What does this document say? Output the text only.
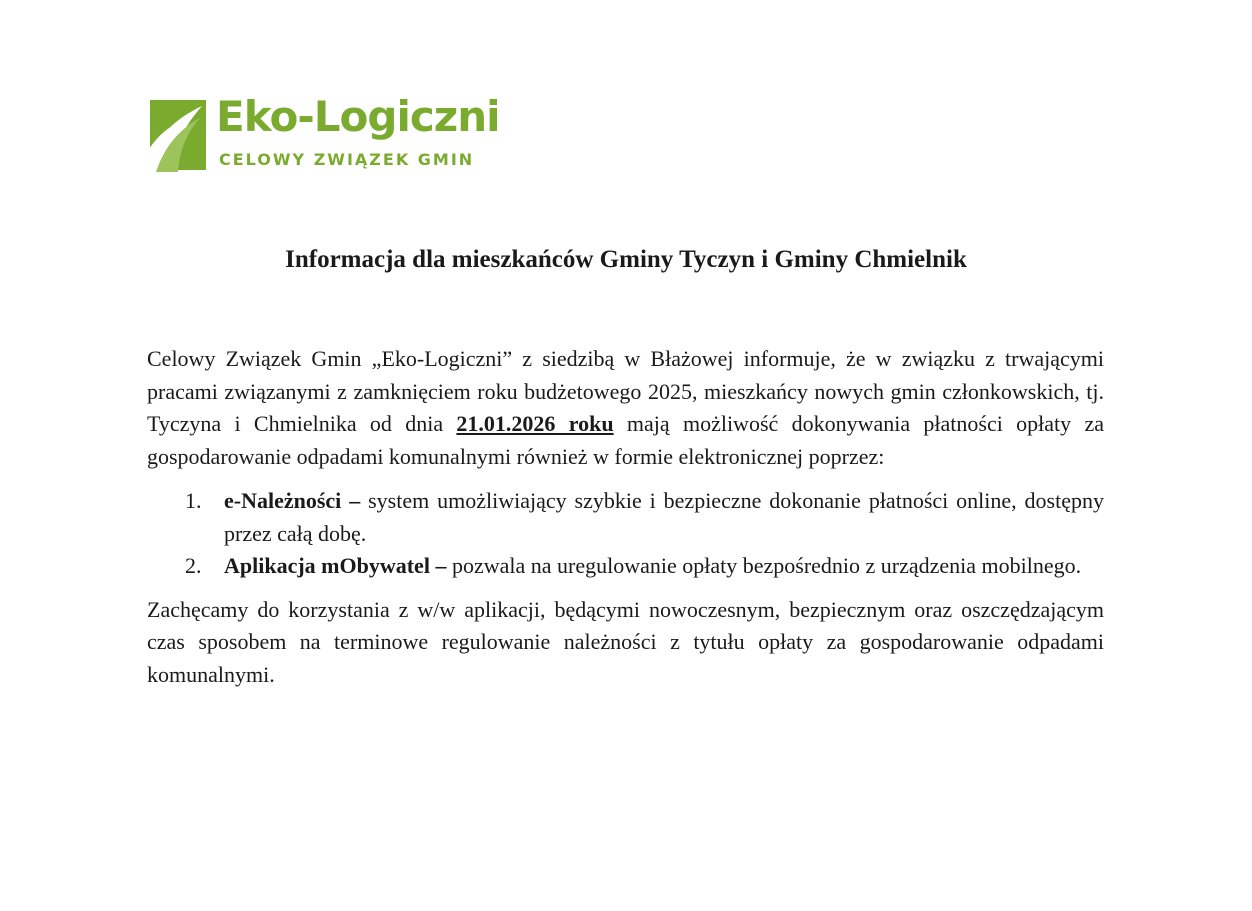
Eko-Logiczni
CELOWY ZWIĄZEK GMIN
Informacja dla mieszkańców Gminy Tyczyn i Gminy Chmielnik

Celowy Związek Gmin „Eko-Logiczni” z siedzibą w Błażowej informuje, że w związku z trwającymi pracami związanymi z zamknięciem roku budżetowego 2025, mieszkańcy nowych gmin członkowskich, tj. Tyczyna i Chmielnika od dnia 21.01.2026 roku mają możliwość dokonywania płatności opłaty za gospodarowanie odpadami komunalnymi również w formie elektronicznej poprzez:

1. e-Należności – system umożliwiający szybkie i bezpieczne dokonanie płatności online, dostępny przez całą dobę.
2. Aplikacja mObywatel – pozwala na uregulowanie opłaty bezpośrednio z urządzenia mobilnego.

Zachęcamy do korzystania z w/w aplikacji, będącymi nowoczesnym, bezpiecznym oraz oszczędzającym czas sposobem na terminowe regulowanie należności z tytułu opłaty za gospodarowanie odpadami komunalnymi.
